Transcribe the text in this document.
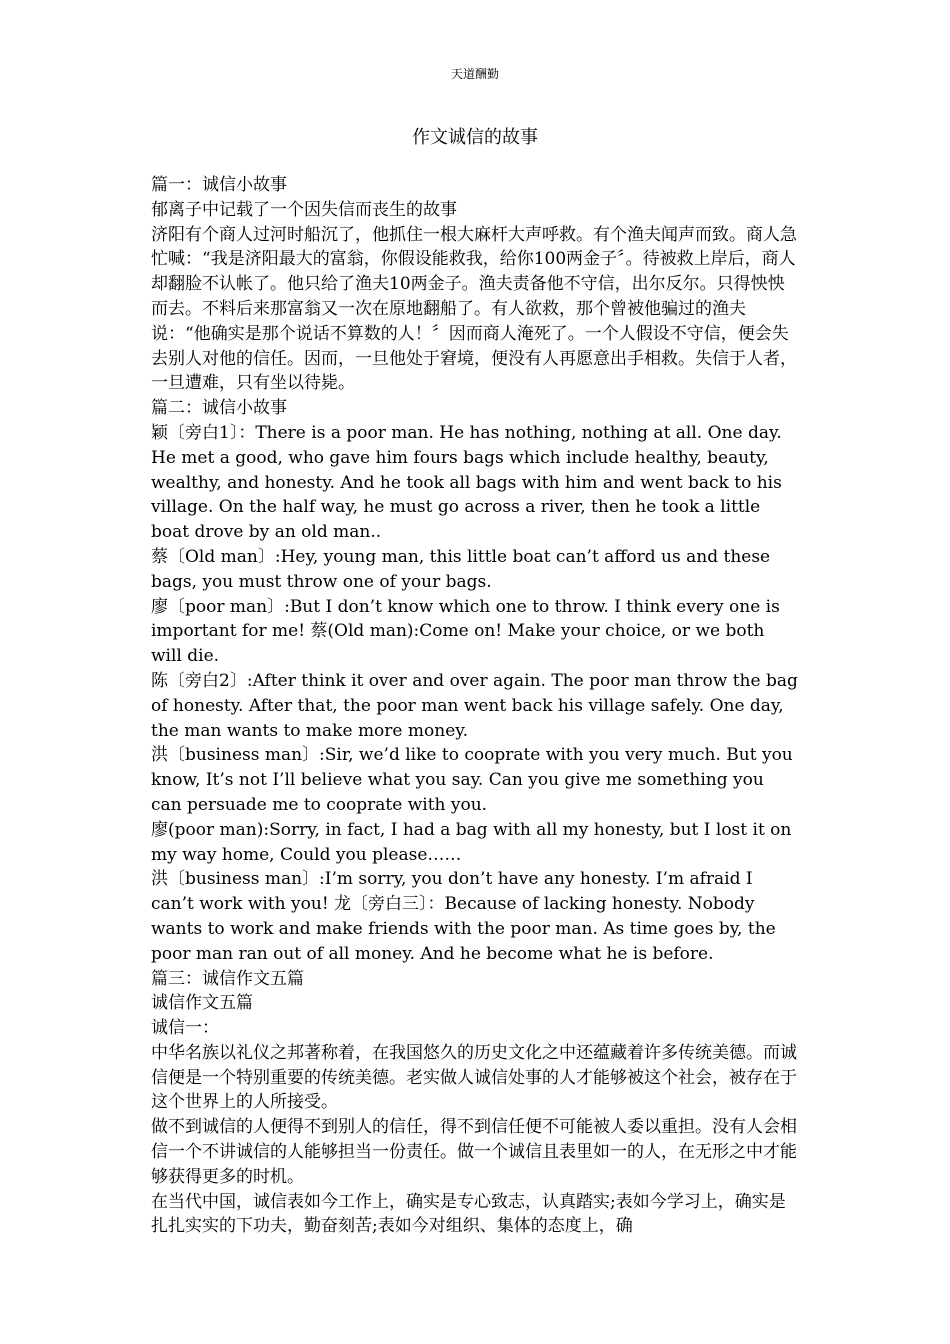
天道酬勤
作文诚信的故事

篇一：诚信小故事

郁离子中记载了一个因失信而丧生的故事

济阳有个商人过河时船沉了，他抓住一根大麻杆大声呼救。有个渔夫闻声而致。商人急忙喊：“我是济阳最大的富翁，你假设能救我，给你100两金子〞。待被救上岸后，商人却翻脸不认帐了。他只给了渔夫10两金子。渔夫责备他不守信，出尔反尔。只得怏怏而去。不料后来那富翁又一次在原地翻船了。有人欲救，那个曾被他骗过的渔夫说：“他确实是那个说话不算数的人！〞因而商人淹死了。一个人假设不守信，便会失去别人对他的信任。因而，一旦他处于窘境，便没有人再愿意出手相救。失信于人者，一旦遭难，只有坐以待毙。

篇二：诚信小故事

颖〔旁白1〕：There is a poor man. He has nothing, nothing at all. One day. He met a good, who gave him fours bags which include healthy, beauty, wealthy, and honesty. And he took all bags with him and went back to his village. On the half way, he must go across a river, then he took a little boat drove by an old man..

蔡〔Old man〕:Hey, young man, this little boat can’t afford us and these bags, you must throw one of your bags.

廖〔poor man〕:But I don’t know which one to throw. I think every one is important for me! 蔡(Old man):Come on! Make your choice, or we both will die.

陈〔旁白2〕:After think it over and over again. The poor man throw the bag of honesty. After that, the poor man went back his village safely. One day, the man wants to make more money.

洪〔business man〕:Sir, we’d like to cooprate with you very much. But you know, It’s not I’ll believe what you say. Can you give me something you can persuade me to cooprate with you.

廖(poor man):Sorry, in fact, I had a bag with all my honesty, but I lost it on my way home, Could you please……

洪〔business man〕:I’m sorry, you don’t have any honesty. I’m afraid I can’t work with you! 龙〔旁白三〕：Because of lacking honesty. Nobody wants to work and make friends with the poor man. As time goes by, the poor man ran out of all money. And he become what he is before.

篇三：诚信作文五篇

诚信作文五篇

诚信一：

中华名族以礼仪之邦著称着，在我国悠久的历史文化之中还蕴藏着许多传统美德。而诚信便是一个特别重要的传统美德。老实做人诚信处事的人才能够被这个社会，被存在于这个世界上的人所接受。

做不到诚信的人便得不到别人的信任，得不到信任便不可能被人委以重担。没有人会相信一个不讲诚信的人能够担当一份责任。做一个诚信且表里如一的人，在无形之中才能够获得更多的时机。

在当代中国，诚信表如今工作上，确实是专心致志，认真踏实;表如今学习上，确实是扎扎实实的下功夫，勤奋刻苦;表如今对组织、集体的态度上，确
